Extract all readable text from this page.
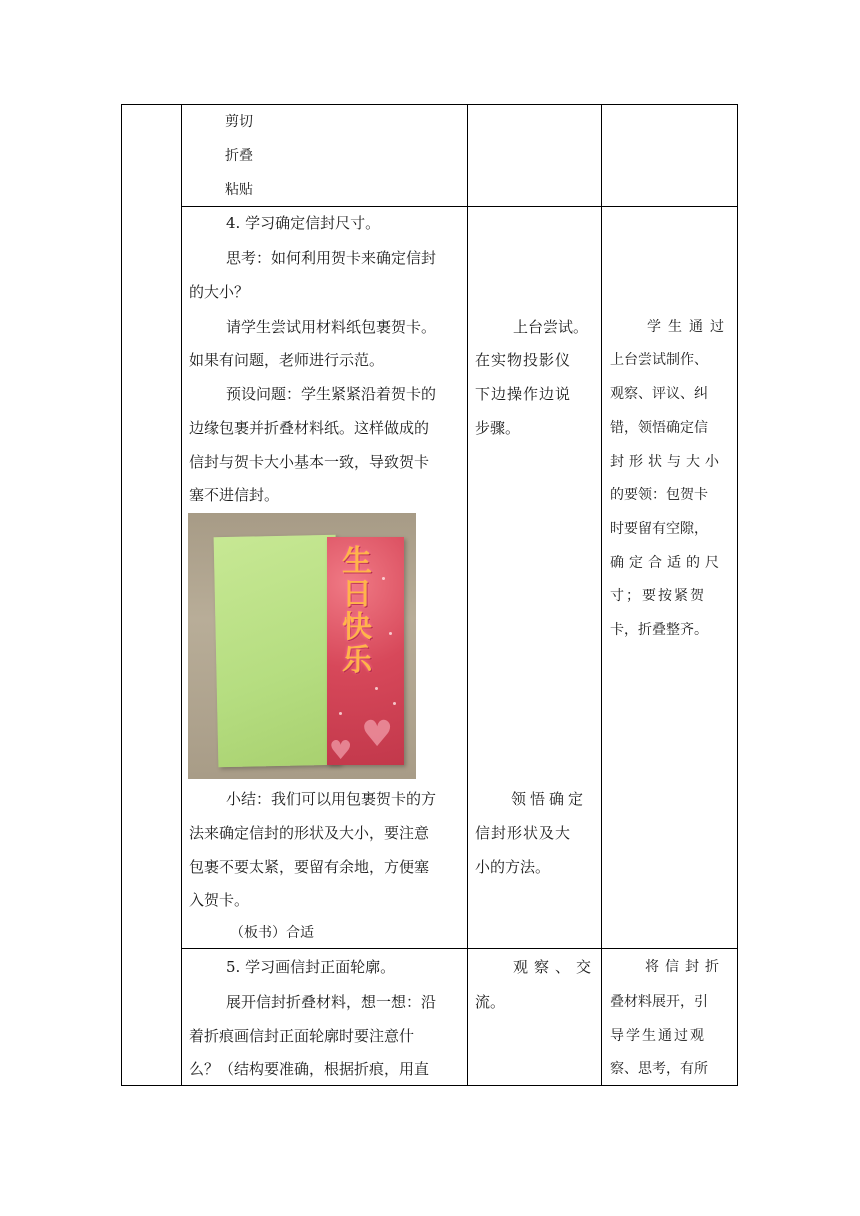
剪切
折叠
粘贴
4. 学习确定信封尺寸。
思考：如何利用贺卡来确定信封
的大小？
请学生尝试用材料纸包裹贺卡。
如果有问题，老师进行示范。
预设问题：学生紧紧沿着贺卡的
边缘包裹并折叠材料纸。这样做成的
信封与贺卡大小基本一致，导致贺卡
塞不进信封。
生日快乐
♥
♥
小结：我们可以用包裹贺卡的方
法来确定信封的形状及大小，要注意
包裹不要太紧，要留有余地，方便塞
入贺卡。
（板书）合适
上台尝试。
在实物投影仪
下边操作边说
步骤。
领悟确定
信封形状及大
小的方法。
学生通过
上台尝试制作、
观察、评议、纠
错，领悟确定信
封形状与大小
的要领：包贺卡
时要留有空隙，
确定合适的尺
寸；要按紧贺
卡，折叠整齐。
5. 学习画信封正面轮廓。
展开信封折叠材料，想一想：沿
着折痕画信封正面轮廓时要注意什
么？（结构要准确，根据折痕，用直
观察、交
流。
将信封折
叠材料展开，引
导学生通过观
察、思考，有所
